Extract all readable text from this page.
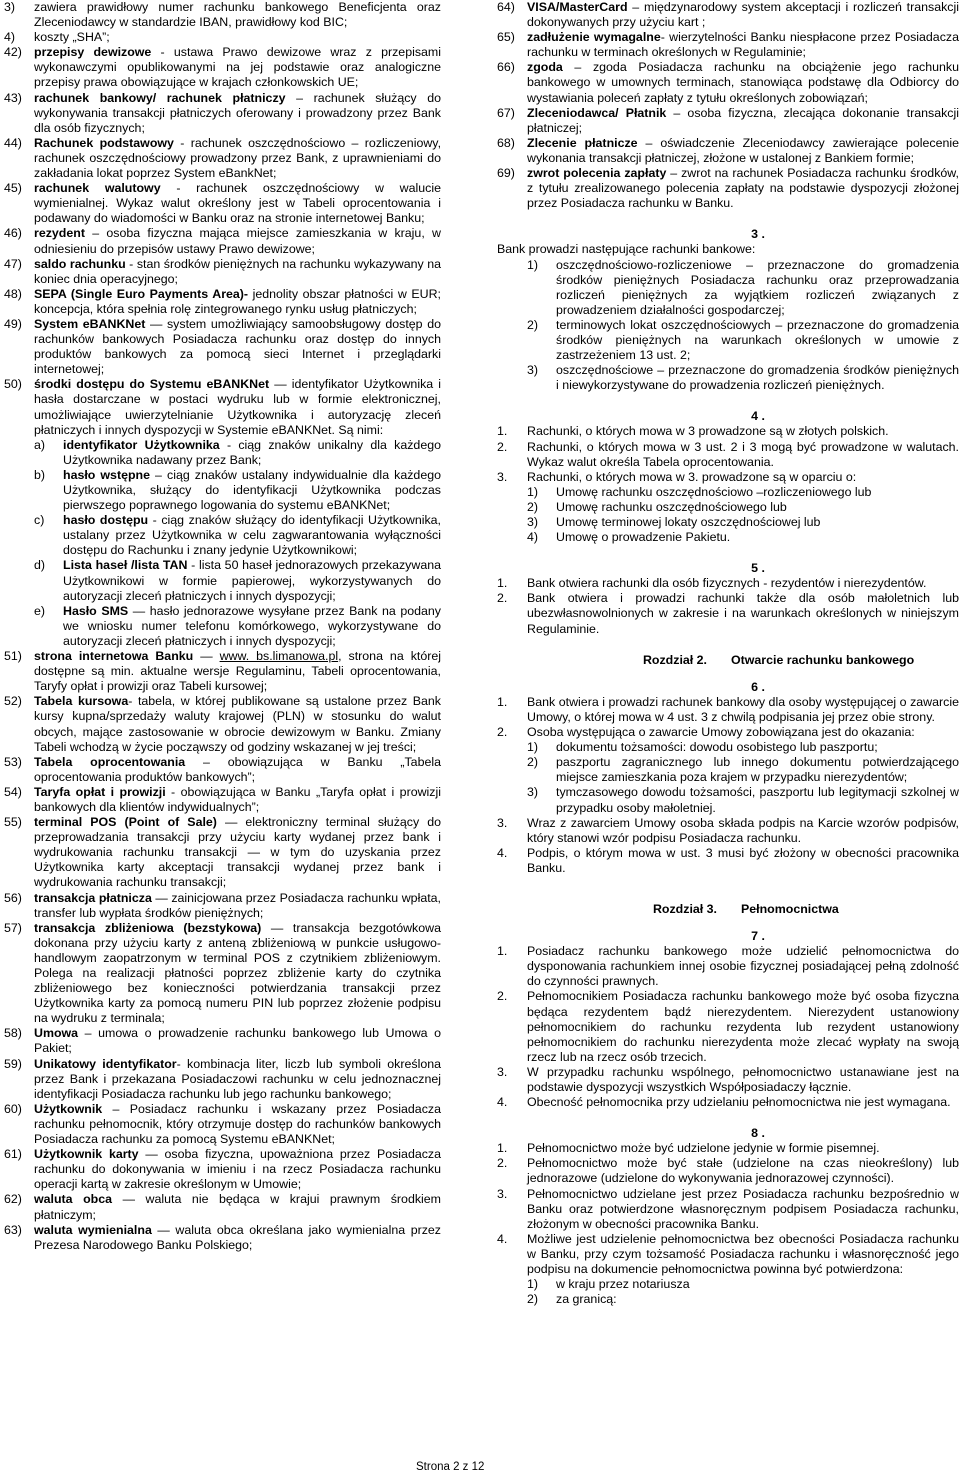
3) zawiera prawidłowy numer rachunku bankowego Beneficjenta oraz Zleceniodawcy w standardzie IBAN, prawidłowy kod BIC;
4) koszty „SHA”;
42) przepisy dewizowe - ustawa Prawo dewizowe wraz z przepisami wykonawczymi opublikowanymi na jej podstawie oraz analogiczne przepisy prawa obowiązujące w krajach członkowskich UE;
43) rachunek bankowy/ rachunek płatniczy – rachunek służący do wykonywania transakcji płatniczych oferowany i prowadzony przez Bank dla osób fizycznych;
44) Rachunek podstawowy - rachunek oszczędnościowo – rozliczeniowy, rachunek oszczędnościowy prowadzony przez Bank, z uprawnieniami do zakładania lokat poprzez System eBankNet;
45) rachunek walutowy - rachunek oszczędnościowy w walucie wymienialnej. Wykaz walut określony jest w Tabeli oprocentowania i podawany do wiadomości w Banku oraz na stronie internetowej Banku;
46) rezydent – osoba fizyczna mająca miejsce zamieszkania w kraju, w odniesieniu do przepisów ustawy Prawo dewizowe;
47) saldo rachunku - stan środków pieniężnych na rachunku wykazywany na koniec dnia operacyjnego;
48) SEPA (Single Euro Payments Area)- jednolity obszar płatności w EUR; koncepcja, która spełnia rolę zintegrowanego rynku usług płatniczych;
49) System eBANKNet — system umożliwiający samoobsługowy dostęp do rachunków bankowych Posiadacza rachunku oraz dostęp do innych produktów bankowych za pomocą sieci Internet i przeglądarki internetowej;
50) środki dostępu do Systemu eBANKNet — identyfikator Użytkownika i hasła dostarczane w postaci wydruku lub w formie elektronicznej, umożliwiające uwierzytelnianie Użytkownika i autoryzację zleceń płatniczych i innych dyspozycji w Systemie eBANKNet. Są nimi:
a) identyfikator Użytkownika - ciąg znaków unikalny dla każdego Użytkownika nadawany przez Bank;
b) hasło wstępne – ciąg znaków ustalany indywidualnie dla każdego Użytkownika, służący do identyfikacji Użytkownika podczas pierwszego poprawnego logowania do systemu eBANKNet;
c) hasło dostępu - ciąg znaków służący do identyfikacji Użytkownika, ustalany przez Użytkownika w celu zagwarantowania wyłączności dostępu do Rachunku i znany jedynie Użytkownikowi;
d) Lista haseł /lista TAN - lista 50 haseł jednorazowych przekazywana Użytkownikowi w formie papierowej, wykorzystywanych do autoryzacji zleceń płatniczych i innych dyspozycji;
e) Hasło SMS — hasło jednorazowe wysyłane przez Bank na podany we wniosku numer telefonu komórkowego, wykorzystywane do autoryzacji zleceń płatniczych i innych dyspozycji;
51) strona internetowa Banku — www. bs.limanowa.pl, strona na której dostępne są min. aktualne wersje Regulaminu, Tabeli oprocentowania, Taryfy opłat i prowizji oraz Tabeli kursowej;
52) Tabela kursowa- tabela, w której publikowane są ustalone przez Bank kursy kupna/sprzedaży waluty krajowej (PLN) w stosunku do walut obcych, mające zastosowanie w obrocie dewizowym w Banku. Zmiany Tabeli wchodzą w życie począwszy od godziny wskazanej w jej treści;
53) Tabela oprocentowania – obowiązująca w Banku „Tabela oprocentowania produktów bankowych”;
54) Taryfa opłat i prowizji - obowiązująca w Banku „Taryfa opłat i prowizji bankowych dla klientów indywidualnych”;
55) terminal POS (Point of Sale) — elektroniczny terminal służący do przeprowadzania transakcji przy użyciu karty wydanej przez bank i wydrukowania rachunku transakcji — w tym do uzyskania przez Użytkownika karty akceptacji transakcji wydanej przez bank i wydrukowania rachunku transakcji;
56) transakcja płatnicza — zainicjowana przez Posiadacza rachunku wpłata, transfer lub wypłata środków pieniężnych;
57) transakcja zbliżeniowa (bezstykowa) — transakcja bezgotówkowa dokonana przy użyciu karty z anteną zbliżeniową w punkcie usługowo-handlowym zaopatrzonym w terminal POS z czytnikiem zbliżeniowym. Polega na realizacji płatności poprzez zbliżenie karty do czytnika zbliżeniowego bez konieczności potwierdzania transakcji przez Użytkownika karty za pomocą numeru PIN lub poprzez złożenie podpisu na wydruku z terminala;
58) Umowa – umowa o prowadzenie rachunku bankowego lub Umowa o Pakiet;
59) Unikatowy identyfikator- kombinacja liter, liczb lub symboli określona przez Bank i przekazana Posiadaczowi rachunku w celu jednoznacznej identyfikacji Posiadacza rachunku lub jego rachunku bankowego;
60) Użytkownik – Posiadacz rachunku i wskazany przez Posiadacza rachunku pełnomocnik, który otrzymuje dostęp do rachunków bankowych Posiadacza rachunku za pomocą Systemu eBANKNet;
61) Użytkownik karty — osoba fizyczna, upoważniona przez Posiadacza rachunku do dokonywania w imieniu i na rzecz Posiadacza rachunku operacji kartą w zakresie określonym w Umowie;
62) waluta obca — waluta nie będąca w krajui prawnym środkiem płatniczym;
63) waluta wymienialna — waluta obca określana jako wymienialna przez Prezesa Narodowego Banku Polskiego;
64) VISA/MasterCard – międzynarodowy system akceptacji i rozliczeń transakcji dokonywanych przy użyciu kart ;
65) zadłużenie wymagalne- wierzytelności Banku niespłacone przez Posiadacza rachunku w terminach określonych w Regulaminie;
66) zgoda – zgoda Posiadacza rachunku na obciążenie jego rachunku bankowego w umownych terminach, stanowiąca podstawę dla Odbiorcy do wystawiania poleceń zapłaty z tytułu określonych zobowiązań;
67) Zleceniodawca/ Płatnik – osoba fizyczna, zlecająca dokonanie transakcji płatniczej;
68) Zlecenie płatnicze – oświadczenie Zleceniodawcy zawierające polecenie wykonania transakcji płatniczej, złożone w ustalonej z Bankiem formie;
69) zwrot polecenia zapłaty – zwrot na rachunek Posiadacza rachunku środków, z tytułu zrealizowanego polecenia zapłaty na podstawie dyspozycji złożonej przez Posiadacza rachunku w Banku.
3 .

Bank prowadzi następujące rachunki bankowe:

1) oszczędnościowo-rozliczeniowe – przeznaczone do gromadzenia środków pieniężnych Posiadacza rachunku oraz przeprowadzania rozliczeń pieniężnych za wyjątkiem rozliczeń związanych z prowadzeniem działalności gospodarczej;
2) terminowych lokat oszczędnościowych – przeznaczone do gromadzenia środków pieniężnych na warunkach określonych w umowie z zastrzeżeniem 13 ust. 2;
3) oszczędnościowe – przeznaczone do gromadzenia środków pieniężnych i niewykorzystywane do prowadzenia rozliczeń pieniężnych.
4 .
1. Rachunki, o których mowa w 3 prowadzone są w złotych polskich.
2. Rachunki, o których mowa w 3 ust. 2 i 3 mogą być prowadzone w walutach. Wykaz walut określa Tabela oprocentowania.
3. Rachunki, o których mowa w 3. prowadzone są w oparciu o:
1) Umowę rachunku oszczędnościowo –rozliczeniowego lub
2) Umowę rachunku oszczędnościowego lub
3) Umowę terminowej lokaty oszczędnościowej lub
4) Umowę o prowadzenie Pakietu.
5 .
1. Bank otwiera rachunki dla osób fizycznych - rezydentów i nierezydentów.
2. Bank otwiera i prowadzi rachunki także dla osób małoletnich lub ubezwłasnowolnionych w zakresie i na warunkach określonych w niniejszym Regulaminie.
Rozdział 2. Otwarcie rachunku bankowego
6 .
1. Bank otwiera i prowadzi rachunek bankowy dla osoby występującej o zawarcie Umowy, o której mowa w 4 ust. 3 z chwilą podpisania jej przez obie strony.
2. Osoba występująca o zawarcie Umowy zobowiązana jest do okazania:
1) dokumentu tożsamości: dowodu osobistego lub paszportu;
2) paszportu zagranicznego lub innego dokumentu potwierdzającego miejsce zamieszkania poza krajem w przypadku nierezydentów;
3) tymczasowego dowodu tożsamości, paszportu lub legitymacji szkolnej w przypadku osoby małoletniej.
3. Wraz z zawarciem Umowy osoba składa podpis na Karcie wzorów podpisów, który stanowi wzór podpisu Posiadacza rachunku.
4. Podpis, o którym mowa w ust. 3 musi być złożony w obecności pracownika Banku.
Rozdział 3. Pełnomocnictwa
7 .
1. Posiadacz rachunku bankowego może udzielić pełnomocnictwa do dysponowania rachunkiem innej osobie fizycznej posiadającej pełną zdolność do czynności prawnych.
2. Pełnomocnikiem Posiadacza rachunku bankowego może być osoba fizyczna będąca rezydentem bądź nierezydentem. Nierezydent ustanowiony pełnomocnikiem do rachunku rezydenta lub rezydent ustanowiony pełnomocnikiem do rachunku nierezydenta może zlecać wypłaty na swoją rzecz lub na rzecz osób trzecich.
3. W przypadku rachunku wspólnego, pełnomocnictwo ustanawiane jest na podstawie dyspozycji wszystkich Współposiadaczy łącznie.
4. Obecność pełnomocnika przy udzielaniu pełnomocnictwa nie jest wymagana.
8 .
1. Pełnomocnictwo może być udzielone jedynie w formie pisemnej.
2. Pełnomocnictwo może być stałe (udzielone na czas nieokreślony) lub jednorazowe (udzielone do wykonywania jednorazowej czynności).
3. Pełnomocnictwo udzielane jest przez Posiadacza rachunku bezpośrednio w Banku oraz potwierdzone własnoręcznym podpisem Posiadacza rachunku, złożonym w obecności pracownika Banku.
4. Możliwe jest udzielenie pełnomocnictwa bez obecności Posiadacza rachunku w Banku, przy czym tożsamość Posiadacza rachunku i własnoręczność jego podpisu na dokumencie pełnomocnictwa powinna być potwierdzona:
1) w kraju przez notariusza
2) za granicą:
Strona 2 z 12
